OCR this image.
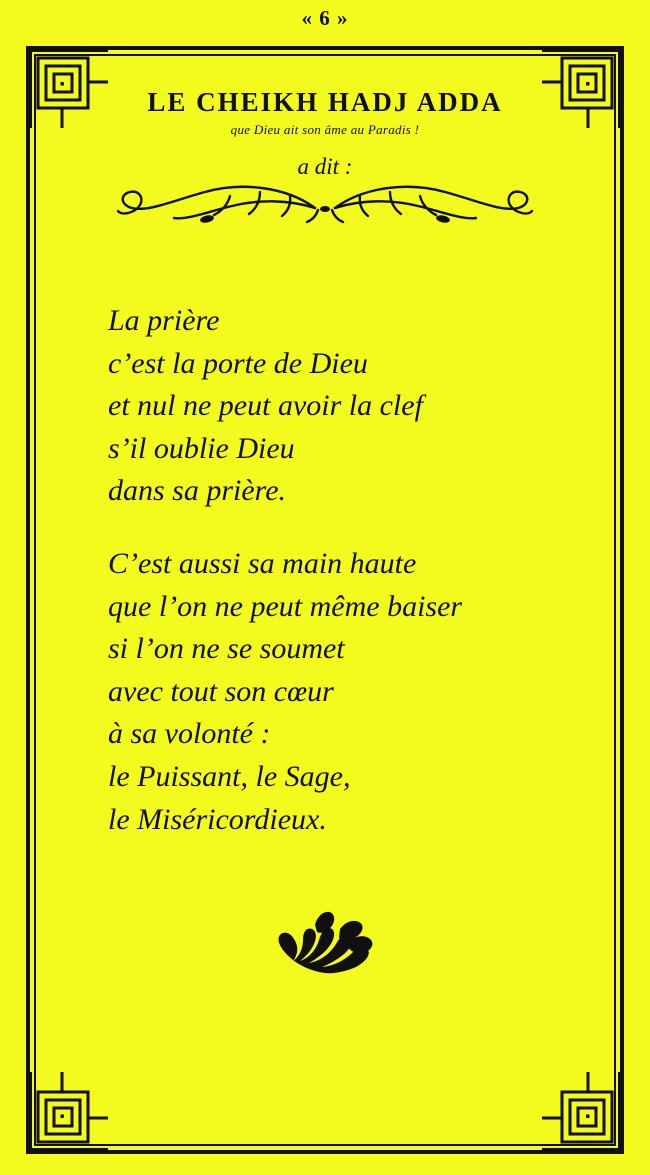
« 6 »
LE CHEIKH HADJ ADDA
que Dieu ait son âme au Paradis !
a dit :
La prière
c’est la porte de Dieu
et nul ne peut avoir la clef
s’il oublie Dieu
dans sa prière.
C’est aussi sa main haute
que l’on ne peut même baiser
si l’on ne se soumet
avec tout son cœur
à sa volonté :
le Puissant, le Sage,
le Miséricordieux.
